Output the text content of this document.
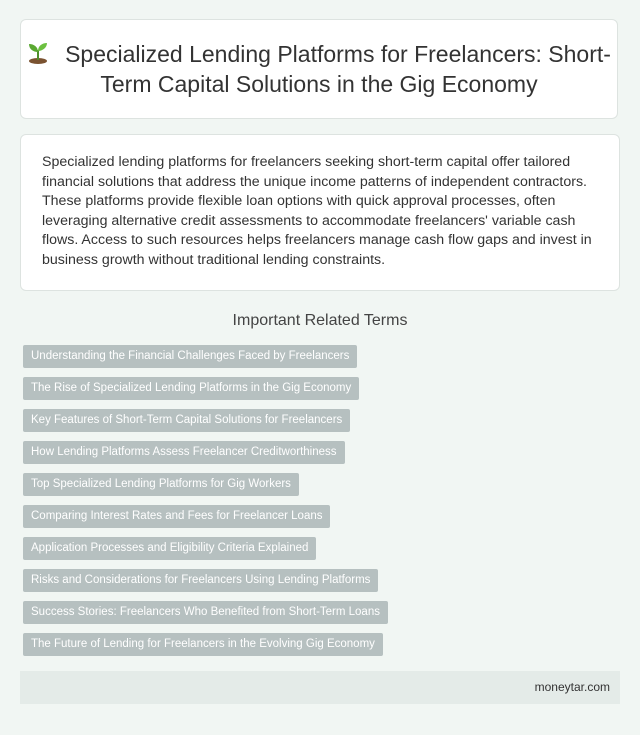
Specialized Lending Platforms for Freelancers: Short-Term Capital Solutions in the Gig Economy

Specialized lending platforms for freelancers seeking short-term capital offer tailored financial solutions that address the unique income patterns of independent contractors. These platforms provide flexible loan options with quick approval processes, often leveraging alternative credit assessments to accommodate freelancers' variable cash flows. Access to such resources helps freelancers manage cash flow gaps and invest in business growth without traditional lending constraints.

Important Related Terms
Understanding the Financial Challenges Faced by Freelancers
The Rise of Specialized Lending Platforms in the Gig Economy
Key Features of Short-Term Capital Solutions for Freelancers
How Lending Platforms Assess Freelancer Creditworthiness
Top Specialized Lending Platforms for Gig Workers
Comparing Interest Rates and Fees for Freelancer Loans
Application Processes and Eligibility Criteria Explained
Risks and Considerations for Freelancers Using Lending Platforms
Success Stories: Freelancers Who Benefited from Short-Term Loans
The Future of Lending for Freelancers in the Evolving Gig Economy
moneytar.com
